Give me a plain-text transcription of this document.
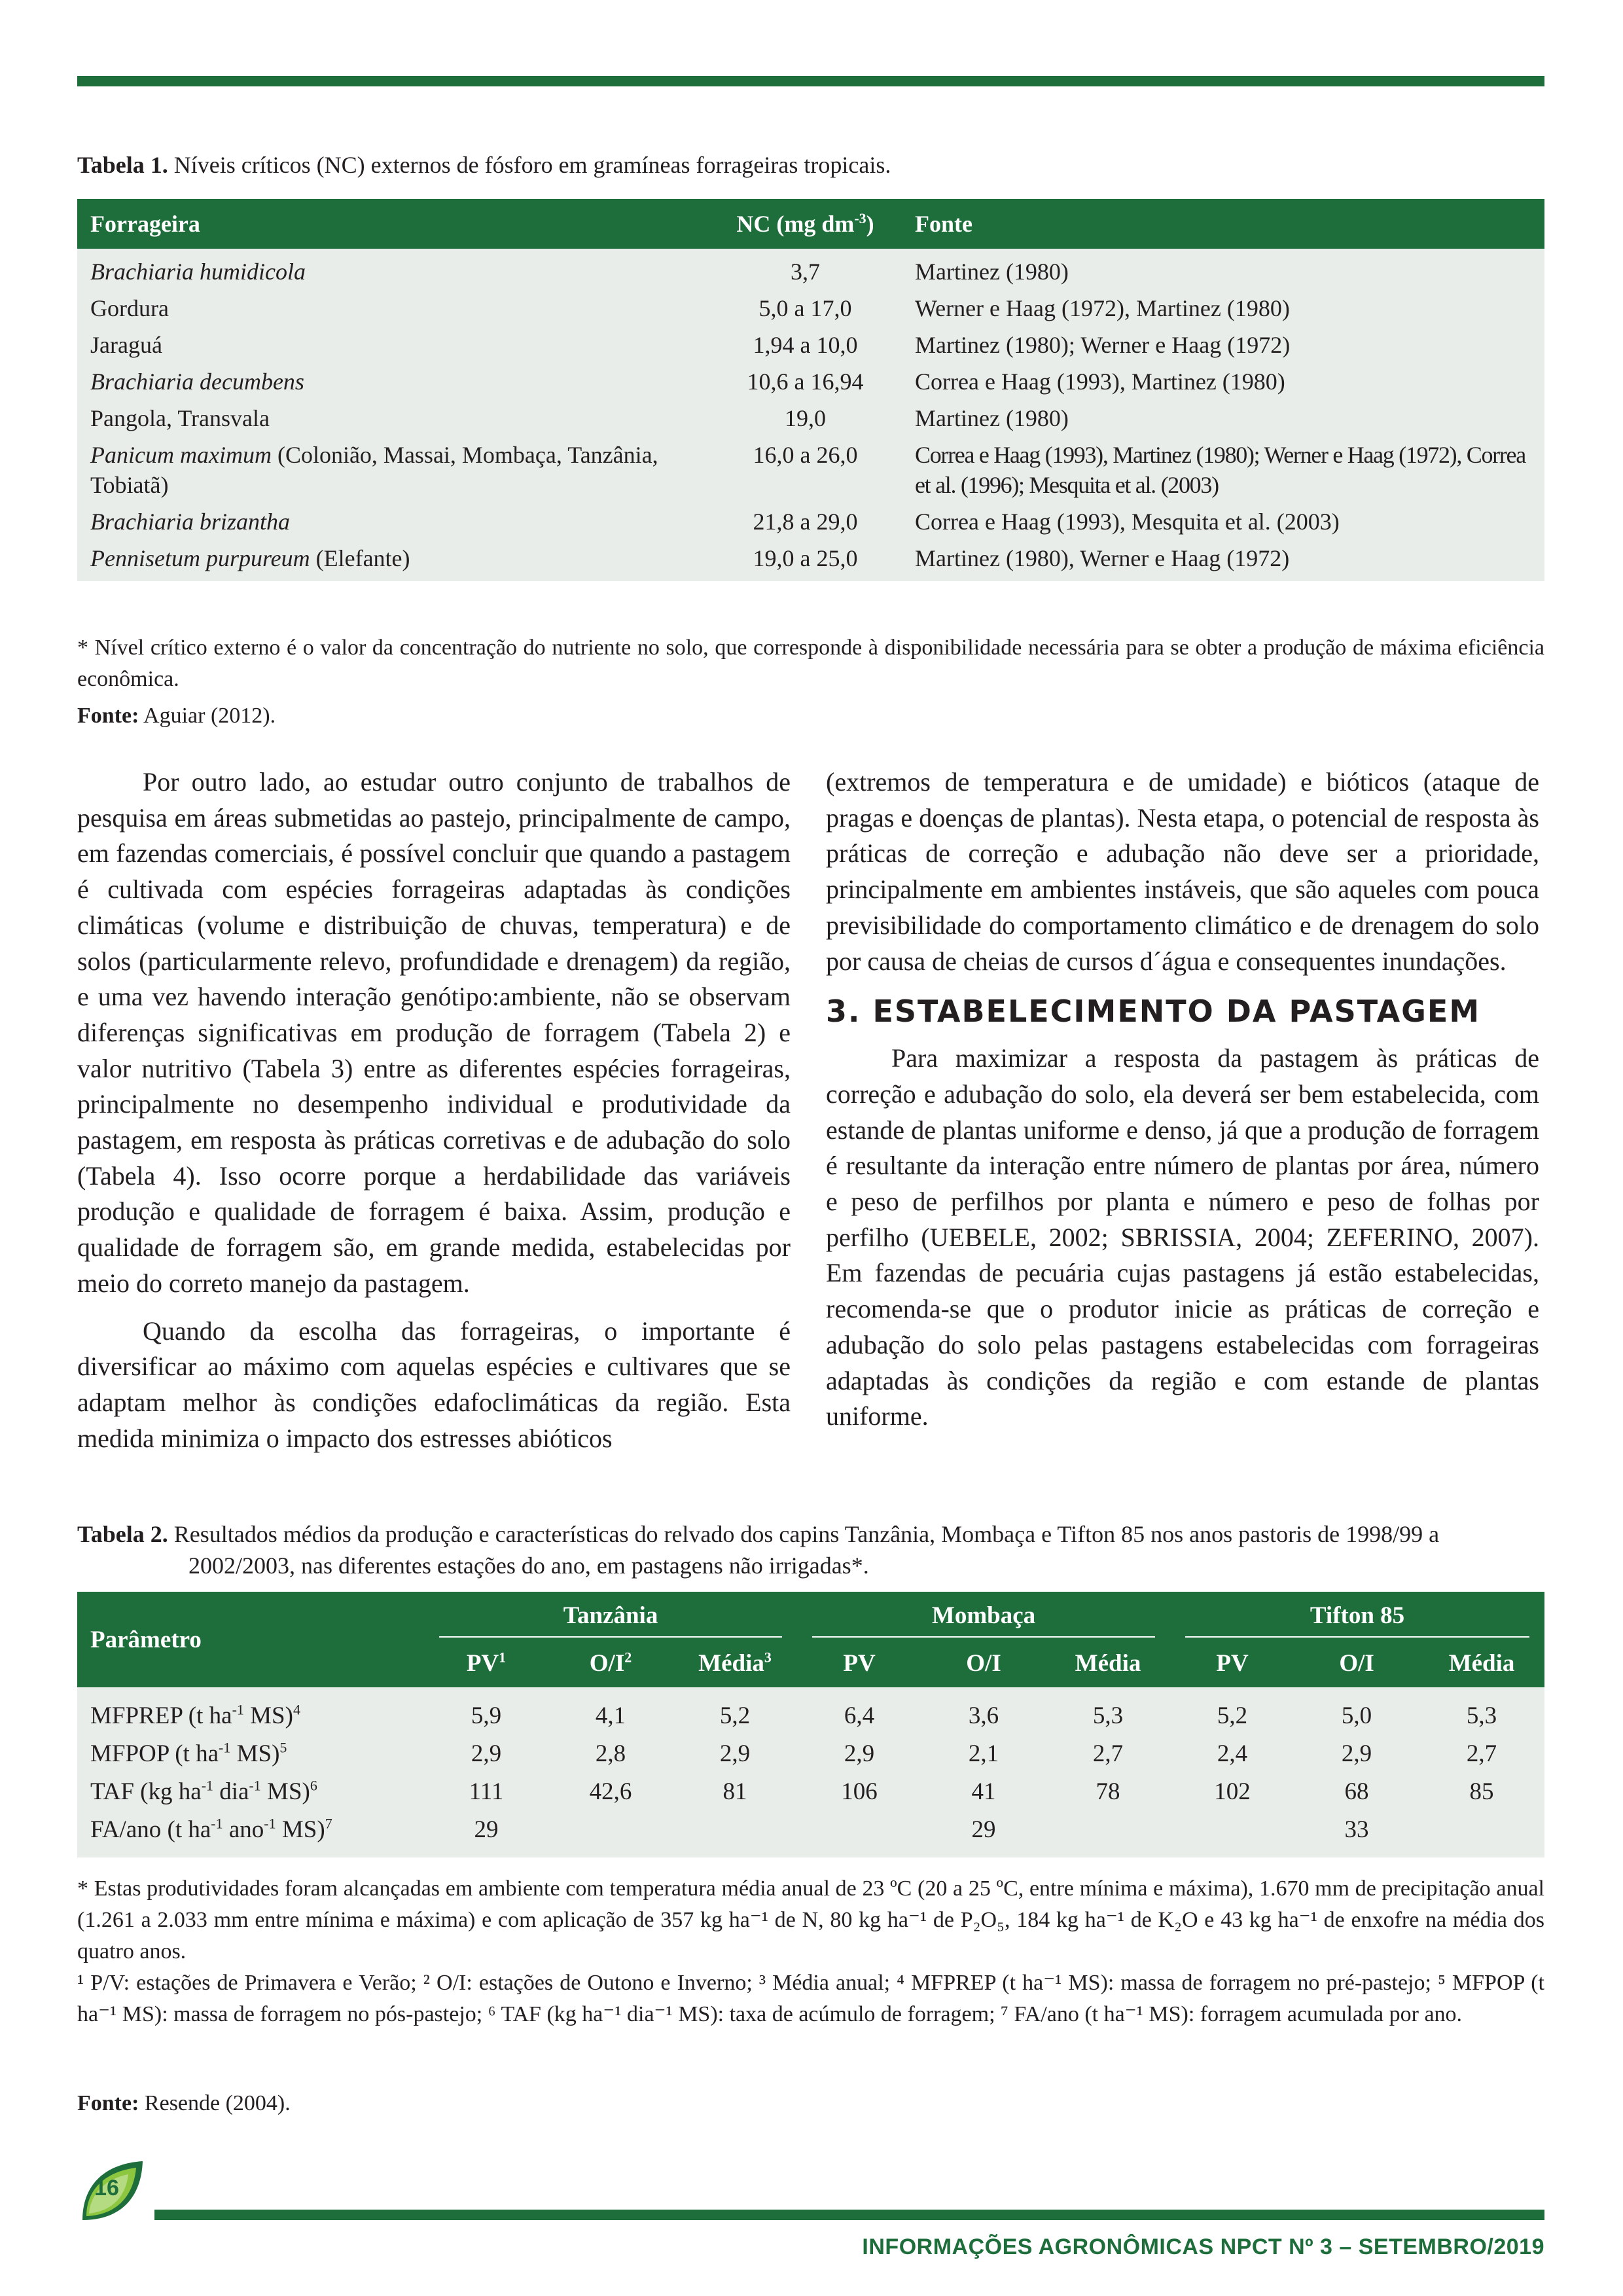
Tabela 1. Níveis críticos (NC) externos de fósforo em gramíneas forrageiras tropicais.
Forrageira	NC (mg $dm^{-3}$)	Fonte
Brachiaria humidicola	3,7	Martinez (1980)
Gordura	5,0 a 17,0	Werner e Haag (1972), Martinez (1980)
Jaraguá	1,94 a 10,0	Martinez (1980); Werner e Haag (1972)
Brachiaria decumbens	10,6 a 16,94	Correa e Haag (1993), Martinez (1980)
Pangola, Transvala	19,0	Martinez (1980)
Panicum maximum (Colonião, Massai, Mombaça, Tanzânia, Tobiatã)	16,0 a 26,0	Correa e Haag (1993), Martinez (1980); Werner e Haag (1972), Correa et al. (1996); Mesquita et al. (2003)
Brachiaria brizantha	21,8 a 29,0	Correa e Haag (1993), Mesquita et al. (2003)
Pennisetum purpureum (Elefante)	19,0 a 25,0	Martinez (1980), Werner e Haag (1972)
* Nível crítico externo é o valor da concentração do nutriente no solo, que corresponde à disponibilidade necessária para se obter a produção de máxima eficiência econômica.
Fonte: Aguiar (2012).

Por outro lado, ao estudar outro conjunto de trabalhos de pesquisa em áreas submetidas ao pastejo, principalmente de campo, em fazendas comerciais, é possível concluir que quando a pastagem é cultivada com espécies forrageiras adaptadas às condições climáticas (volume e distribuição de chuvas, temperatura) e de solos (particularmente relevo, profundidade e drenagem) da região, e uma vez havendo interação genótipo:ambiente, não se observam diferenças significativas em produção de forragem (Tabela 2) e valor nutritivo (Tabela 3) entre as diferentes espécies forrageiras, principalmente no desempenho individual e produtividade da pastagem, em resposta às práticas corretivas e de adubação do solo (Tabela 4). Isso ocorre porque a herdabilidade das variáveis produção e qualidade de forragem é baixa. Assim, produção e qualidade de forragem são, em grande medida, estabelecidas por meio do correto manejo da pastagem.

Quando da escolha das forrageiras, o importante é diversificar ao máximo com aquelas espécies e cultivares que se adaptam melhor às condições edafoclimáticas da região. Esta medida minimiza o impacto dos estresses abióticos

(extremos de temperatura e de umidade) e bióticos (ataque de pragas e doenças de plantas). Nesta etapa, o potencial de resposta às práticas de correção e adubação não deve ser a prioridade, principalmente em ambientes instáveis, que são aqueles com pouca previsibilidade do comportamento climático e de drenagem do solo por causa de cheias de cursos d´água e consequentes inundações.

3. ESTABELECIMENTO DA PASTAGEM

Para maximizar a resposta da pastagem às práticas de correção e adubação do solo, ela deverá ser bem estabelecida, com estande de plantas uniforme e denso, já que a produção de forragem é resultante da interação entre número de plantas por área, número e peso de perfilhos por planta e número e peso de folhas por perfilho (UEBELE, 2002; SBRISSIA, 2004; ZEFERINO, 2007). Em fazendas de pecuária cujas pastagens já estão estabelecidas, recomenda-se que o produtor inicie as práticas de correção e adubação do solo pelas pastagens estabelecidas com forrageiras adaptadas às condições da região e com estande de plantas uniforme.

Tabela 2. Resultados médios da produção e características do relvado dos capins Tanzânia, Mombaça e Tifton 85 nos anos pastoris de 1998/99 a 2002/2003, nas diferentes estações do ano, em pastagens não irrigadas*.
Parâmetro	Tanzânia			Mombaça			Tifton 85		

	$PV^1$	$O/I^2$	Média$^3$	PV	O/I	Média	PV	O/I	Média
MFPREP (t $ha^{-1}$ MS)$^4$	5,9	4,1	5,2	6,4	3,6	5,3	5,2	5,0	5,3
MFPOP (t $ha^{-1}$ MS)$^5$	2,9	2,8	2,9	2,9	2,1	2,7	2,4	2,9	2,7
TAF (kg $ha^{-1}$ dia$^{-1}$ MS)$^6$	111	42,6	81	106	41	78	102	68	85
FA/ano (t $ha^{-1}$ ano$^{-1}$ MS)$^7$	29				29			33	
* Estas produtividades foram alcançadas em ambiente com temperatura média anual de 23 ºC (20 a 25 ºC, entre mínima e máxima), 1.670 mm de precipitação anual (1.261 a 2.033 mm entre mínima e máxima) e com aplicação de 357 kg ha⁻¹ de N, 80 kg ha⁻¹ de P₂O₅, 184 kg ha⁻¹ de K₂O e 43 kg ha⁻¹ de enxofre na média dos quatro anos.
¹ P/V: estações de Primavera e Verão; ² O/I: estações de Outono e Inverno; ³ Média anual; ⁴ MFPREP (t ha⁻¹ MS): massa de forragem no pré-pastejo; ⁵ MFPOP (t ha⁻¹ MS): massa de forragem no pós-pastejo; ⁶ TAF (kg ha⁻¹ dia⁻¹ MS): taxa de acúmulo de forragem; ⁷ FA/ano (t ha⁻¹ MS): forragem acumulada por ano.
Fonte: Resende (2004).
16
INFORMAÇÕES AGRONÔMICAS NPCT Nº 3 – SETEMBRO/2019
